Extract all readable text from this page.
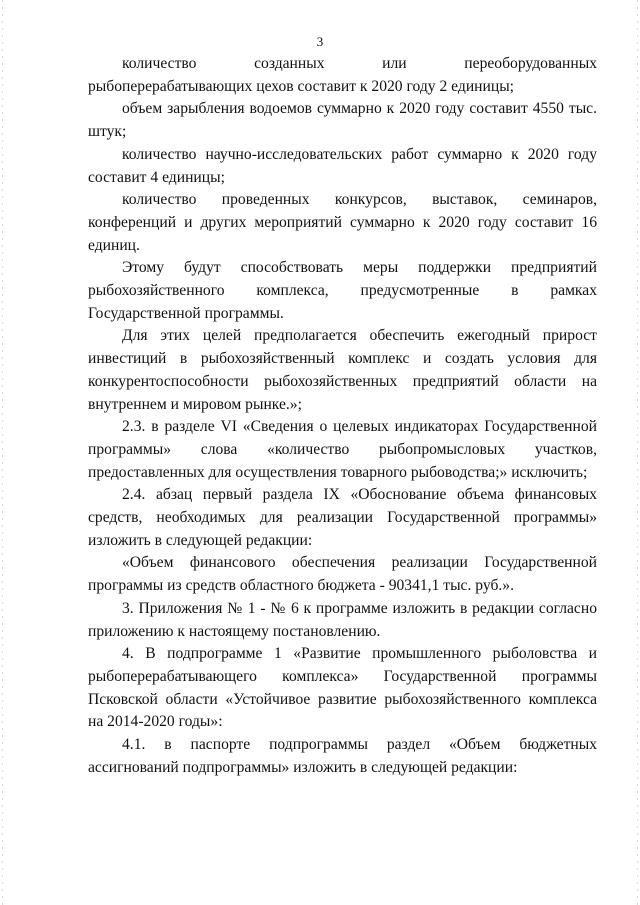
3

количество созданных или переоборудованных рыбоперерабатывающих цехов составит к 2020 году 2 единицы;

объем зарыбления водоемов суммарно к 2020 году составит 4550 тыс. штук;

количество научно-исследовательских работ суммарно к 2020 году составит 4 единицы;

количество проведенных конкурсов, выставок, семинаров, конференций и других мероприятий суммарно к 2020 году составит 16 единиц.

Этому будут способствовать меры поддержки предприятий рыбохозяйственного комплекса, предусмотренные в рамках Государственной программы.

Для этих целей предполагается обеспечить ежегодный прирост инвестиций в рыбохозяйственный комплекс и создать условия для конкурентоспособности рыбохозяйственных предприятий области на внутреннем и мировом рынке.»;

2.3. в разделе VI «Сведения о целевых индикаторах Государственной программы» слова «количество рыбопромысловых участков, предоставленных для осуществления товарного рыбоводства;» исключить;

2.4. абзац первый раздела IX «Обоснование объема финансовых средств, необходимых для реализации Государственной программы» изложить в следующей редакции:

«Объем финансового обеспечения реализации Государственной программы из средств областного бюджета - 90341,1 тыс. руб.».

3. Приложения № 1 - № 6 к программе изложить в редакции согласно приложению к настоящему постановлению.

4. В подпрограмме 1 «Развитие промышленного рыболовства и рыбоперерабатывающего комплекса» Государственной программы Псковской области «Устойчивое развитие рыбохозяйственного комплекса на 2014-2020 годы»:

4.1. в паспорте подпрограммы раздел «Объем бюджетных ассигнований подпрограммы» изложить в следующей редакции:
